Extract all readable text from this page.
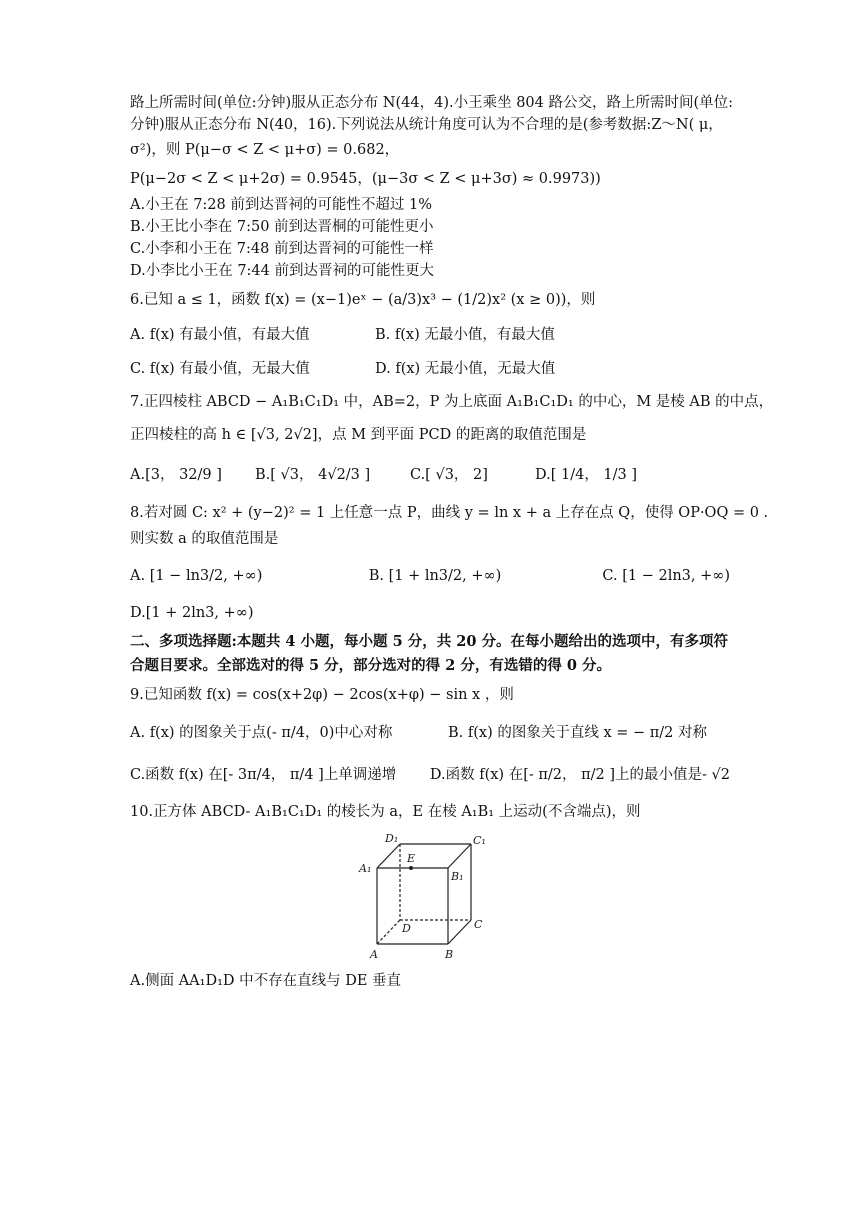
路上所需时间(单位:分钟)服从正态分布 N(44，4).小王乘坐 804 路公交，路上所需时间(单位:
分钟)服从正态分布 N(40，16).下列说法从统计角度可认为不合理的是(参考数据:Z～N( μ，
σ²)，则 P(μ−σ < Z < μ+σ) = 0.682，
P(μ−2σ < Z < μ+2σ) = 0.9545，(μ−3σ < Z < μ+3σ) ≈ 0.9973))
A.小王在 7:28 前到达晋祠的可能性不超过 1%
B.小王比小李在 7:50 前到达晋桐的可能性更小
C.小李和小王在 7:48 前到达晋祠的可能性一样
D.小李比小王在 7:44 前到达晋祠的可能性更大
6.已知 a ≤ 1，函数 f(x) = (x−1)eˣ − (a/3)x³ − (1/2)x² (x ≥ 0))，则
A. f(x) 有最小值，有最大值	B. f(x) 无最小值，有最大值
C. f(x) 有最小值，无最大值	D. f(x) 无最小值，无最大值
7.正四棱柱 ABCD − A₁B₁C₁D₁ 中，AB=2，P 为上底面 A₁B₁C₁D₁ 的中心，M 是棱 AB 的中点，
正四棱柱的高 h ∈ [√3, 2√2]，点 M 到平面 PCD 的距离的取值范围是
A.[3， 32/9 ]	B.[ √3， 4√2/3 ]	C.[ √3， 2]	D.[ 1/4， 1/3 ]
8.若对圆 C: x² + (y−2)² = 1 上任意一点 P，曲线 y = ln x + a 上存在点 Q，使得 OP·OQ = 0 .
则实数 a 的取值范围是
A. [1 − ln3/2, +∞)	B. [1 + ln3/2, +∞)	C. [1 − 2ln3, +∞)
D.[1 + 2ln3, +∞)
二、多项选择题:本题共 4 小题，每小题 5 分，共 20 分。在每小题给出的选项中，有多项符
合题目要求。全部选对的得 5 分，部分选对的得 2 分，有选错的得 0 分。
9.已知函数 f(x) = cos(x+2φ) − 2cos(x+φ) − sin x ，则
A. f(x) 的图象关于点(- π/4，0)中心对称	B. f(x) 的图象关于直线 x = − π/2 对称
C.函数 f(x) 在[- 3π/4， π/4 ]上单调递增	D.函数 f(x) 在[- π/2， π/2 ]上的最小值是- √2
10.正方体 ABCD- A₁B₁C₁D₁ 的棱长为 a，E 在棱 A₁B₁ 上运动(不含端点)，则
D₁	C₁
A₁
B₁
E
D	C
A	B
A.侧面 AA₁D₁D 中不存在直线与 DE 垂直
